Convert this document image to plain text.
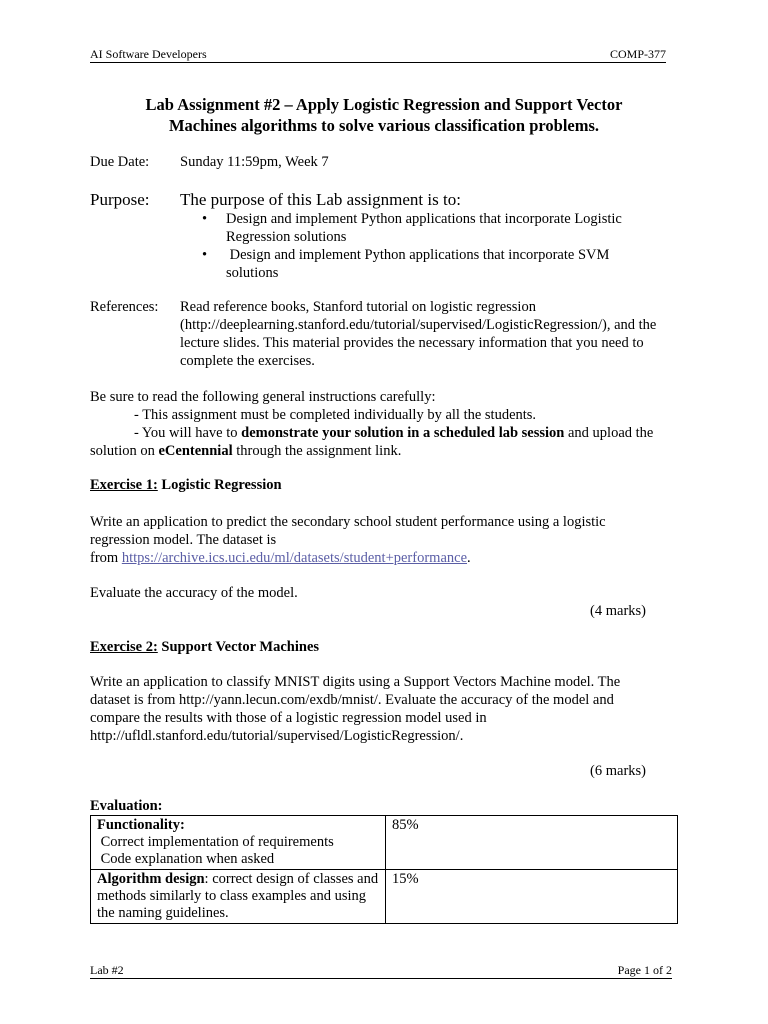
AI Software Developers	COMP-377
Lab Assignment #2 – Apply Logistic Regression and Support Vector
Machines algorithms to solve various classification problems.
Due Date: Sunday 11:59pm, Week 7
Purpose: The purpose of this Lab assignment is to:
• Design and implement Python applications that incorporate Logistic
Regression solutions
• Design and implement Python applications that incorporate SVM
solutions
References: Read reference books, Stanford tutorial on logistic regression
(http://deeplearning.stanford.edu/tutorial/supervised/LogisticRegression/), and the
lecture slides. This material provides the necessary information that you need to
complete the exercises.
Be sure to read the following general instructions carefully:
- This assignment must be completed individually by all the students.
- You will have to demonstrate your solution in a scheduled lab session and upload the
solution on eCentennial through the assignment link.
Exercise 1: Logistic Regression
Write an application to predict the secondary school student performance using a logistic
regression model. The dataset is
from https://archive.ics.uci.edu/ml/datasets/student+performance.
Evaluate the accuracy of the model.
(4 marks)
Exercise 2: Support Vector Machines
Write an application to classify MNIST digits using a Support Vectors Machine model. The
dataset is from http://yann.lecun.com/exdb/mnist/. Evaluate the accuracy of the model and
compare the results with those of a logistic regression model used in
http://ufldl.stanford.edu/tutorial/supervised/LogisticRegression/.
(6 marks)
Evaluation:
Functionality:
Correct implementation of requirements
Code explanation when asked	85%

Algorithm design: correct design of classes and
methods similarly to class examples and using
the naming guidelines.	15%
Lab #2	Page 1 of 2
